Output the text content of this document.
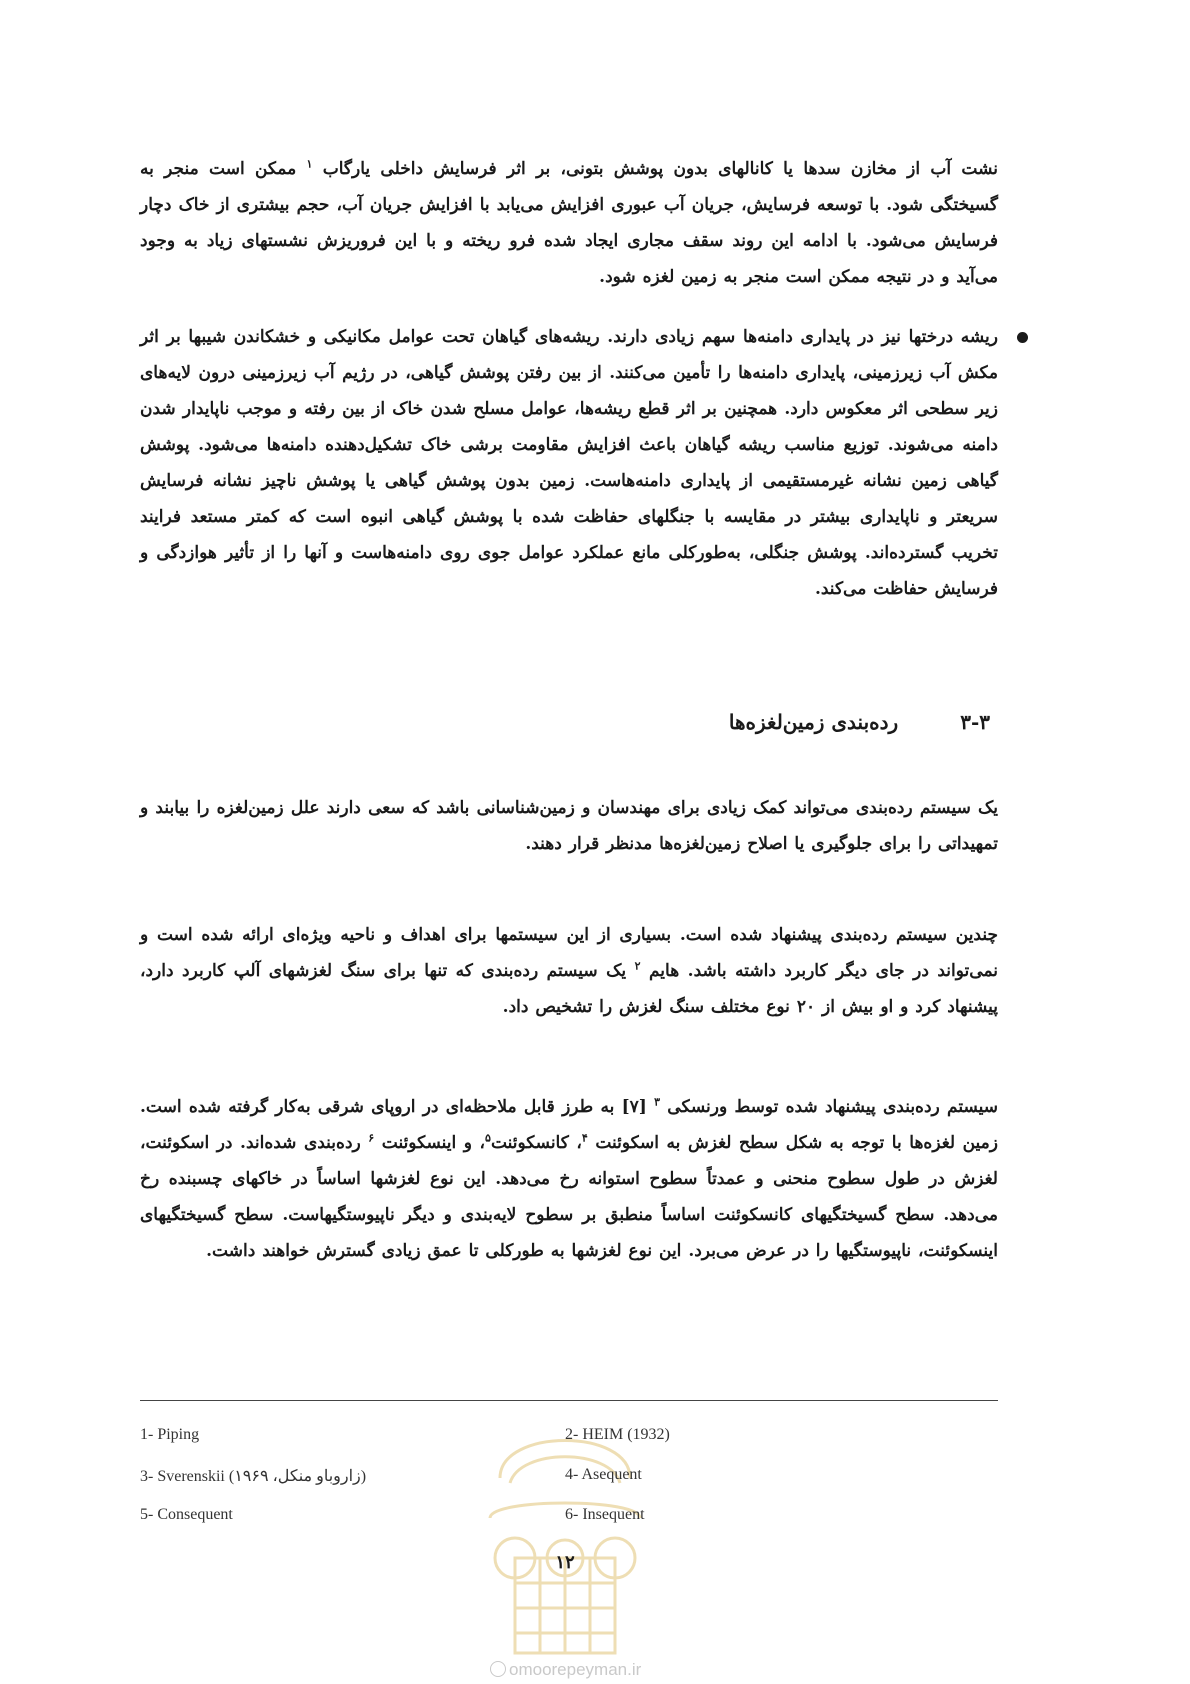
نشت آب از مخازن سدها یا کانالهای بدون پوشش بتونی، بر اثر فرسایش داخلی یارگاب $^۱$ ممکن است منجر به گسیختگی شود. با توسعه فرسایش، جریان آب عبوری افزایش می‌یابد با افزایش جریان آب، حجم بیشتری از خاک دچار فرسایش می‌شود. با ادامه این روند سقف مجاری ایجاد شده فرو ریخته و با این فروریزش نشستهای زیاد به وجود می‌آید و در نتیجه ممکن است منجر به زمین لغزه شود.
ریشه درختها نیز در پایداری دامنه‌ها سهم زیادی دارند. ریشه‌های گیاهان تحت عوامل مکانیکی و خشکاندن شیبها بر اثر مکش آب زیرزمینی، پایداری دامنه‌ها را تأمین می‌کنند. از بین رفتن پوشش گیاهی، در رژیم آب زیرزمینی درون لایه‌های زیر سطحی اثر معکوس دارد. همچنین بر اثر قطع ریشه‌ها، عوامل مسلح شدن خاک از بین رفته و موجب ناپایدار شدن دامنه می‌شوند. توزیع مناسب ریشه گیاهان باعث افزایش مقاومت برشی خاک تشکیل‌دهنده دامنه‌ها می‌شود. پوشش گیاهی زمین نشانه غیرمستقیمی از پایداری دامنه‌هاست. زمین بدون پوشش گیاهی یا پوشش ناچیز نشانه فرسایش سریعتر و ناپایداری بیشتر در مقایسه با جنگلهای حفاظت شده با پوشش گیاهی انبوه است که کمتر مستعد فرایند تخریب گسترده‌اند. پوشش جنگلی، به‌طورکلی مانع عملکرد عوامل جوی روی دامنه‌هاست و آنها را از تأثیر هوازدگی و فرسایش حفاظت می‌کند.
۳-۳رده‌بندی زمین‌لغزه‌ها
یک سیستم رده‌بندی می‌تواند کمک زیادی برای مهندسان و زمین‌شناسانی باشد که سعی دارند علل زمین‌لغزه را بیابند و تمهیداتی را برای جلوگیری یا اصلاح زمین‌لغزه‌ها مدنظر قرار دهند.
چندین سیستم رده‌بندی پیشنهاد شده است. بسیاری از این سیستمها برای اهداف و ناحیه ویژه‌ای ارائه شده است و نمی‌تواند در جای دیگر کاربرد داشته باشد. هایم $^۲$ یک سیستم رده‌بندی که تنها برای سنگ لغزشهای آلپ کاربرد دارد، پیشنهاد کرد و او بیش از ۲۰ نوع مختلف سنگ لغزش را تشخیص داد.
سیستم رده‌بندی پیشنهاد شده توسط ورنسکی $^۳$ [۷] به طرز قابل ملاحظه‌ای در اروپای شرقی به‌کار گرفته شده است. زمین لغزه‌ها با توجه به شکل سطح لغزش به اسکوئنت $^۴$، کانسکوئنت$^۵$، و اینسکوئنت $^۶$ رده‌بندی شده‌اند. در اسکوئنت، لغزش در طول سطوح منحنی و عمدتاً سطوح استوانه رخ می‌دهد. این نوع لغزشها اساساً در خاکهای چسبنده رخ می‌دهد. سطح گسیختگیهای کانسکوئنت اساساً منطبق بر سطوح لایه‌بندی و دیگر ناپیوستگیهاست. سطح گسیختگیهای اینسکوئنت، ناپیوستگیها را در عرض می‌برد. این نوع لغزشها به طورکلی تا عمق زیادی گسترش خواهند داشت.
1- Piping	2- HEIM (1932)
3- Sverenskii (زاروباو منکل، ۱۹۶۹)	4- Asequent
5- Consequent	6- Insequent
۱۲
omoorepeyman.ir
